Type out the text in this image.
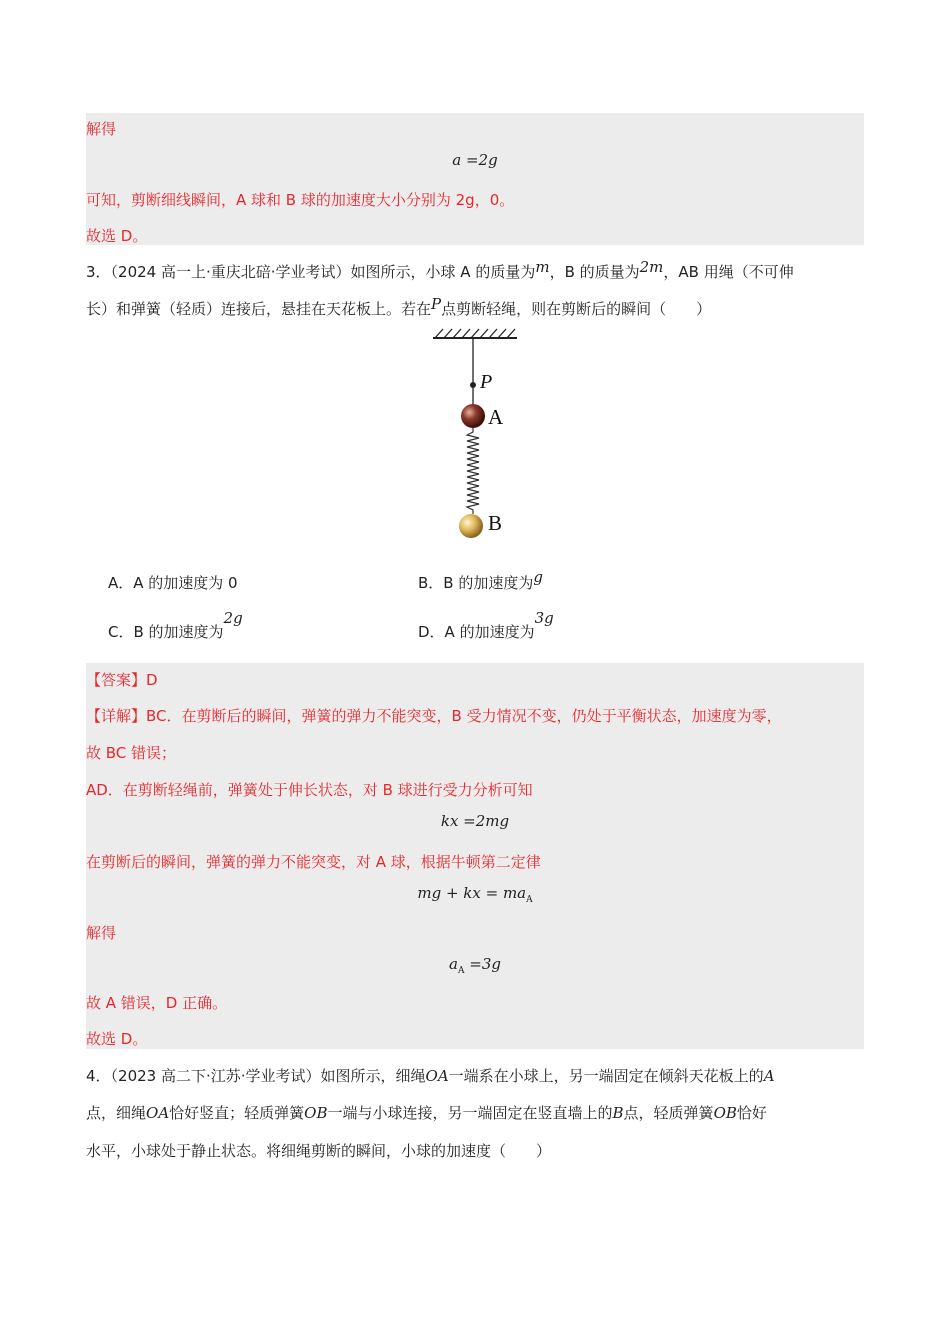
解得
a =2g
可知，剪断细线瞬间，A 球和 B 球的加速度大小分别为 2g，0。
故选 D。
3．（2024 高一上·重庆北碚·学业考试）如图所示，小球 A 的质量为m，B 的质量为2m，AB 用绳（不可伸
长）和弹簧（轻质）连接后，悬挂在天花板上。若在P点剪断轻绳，则在剪断后的瞬间（　　）
P
A
B
A．A 的加速度为 0	B．B 的加速度为g
C．B 的加速度为2g
D．A 的加速度为3g
【答案】D
【详解】BC．在剪断后的瞬间，弹簧的弹力不能突变，B 受力情况不变，仍处于平衡状态，加速度为零，
故 BC 错误；
AD．在剪断轻绳前，弹簧处于伸长状态，对 B 球进行受力分析可知
kx =2mg
在剪断后的瞬间，弹簧的弹力不能突变，对 A 球，根据牛顿第二定律
mg + kx = $ma_A$
解得
$a_A =3g$
故 A 错误，D 正确。
故选 D。
4．（2023 高二下·江苏·学业考试）如图所示，细绳OA一端系在小球上，另一端固定在倾斜天花板上的A
点，细绳OA恰好竖直；轻质弹簧OB一端与小球连接，另一端固定在竖直墙上的B点，轻质弹簧OB恰好
水平，小球处于静止状态。将细绳剪断的瞬间，小球的加速度（　　）
